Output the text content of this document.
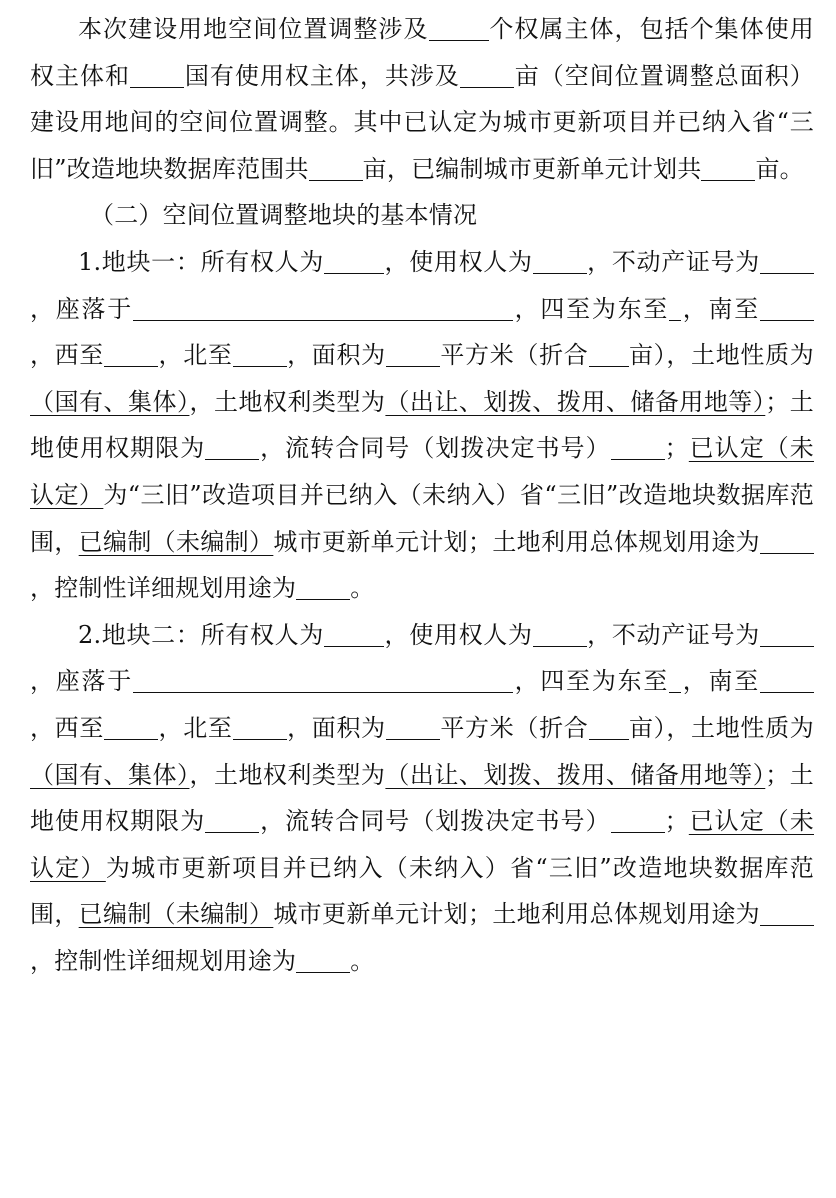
本次建设用地空间位置调整涉及	个权属主体，包括个集体使用权主体和 国有使用权主体，共涉及 亩（空间位置调整总面积）建设用地间的空间位置调整。其中已认定为城市更新项目并已纳入省“三旧”改造地块数据库范围共 亩，已编制城市更新单元计划共 亩。

（二）空间位置调整地块的基本情况

1.地块一：所有权人为	，使用权人为 ，不动产证号为，座落于	，四至为东至 ，南至，西至 ，北至 ，面积为 平方米（折合 亩），土地性质为（国有、集体），土地权利类型为（出让、划拨、拨用、储备用地等）；土地使用权期限为 ，流转合同号（划拨决定书号） ；已认定（未认定）为“三旧”改造项目并已纳入（未纳入）省“三旧”改造地块数据库范围，已编制（未编制）城市更新单元计划；土地利用总体规划用途为，控制性详细规划用途为 。

2.地块二：所有权人为	，使用权人为 ，不动产证号为，座落于	，四至为东至 ，南至，西至 ，北至 ，面积为 平方米（折合 亩），土地性质为（国有、集体），土地权利类型为（出让、划拨、拨用、储备用地等）；土地使用权期限为 ，流转合同号（划拨决定书号） ；已认定（未认定）为城市更新项目并已纳入（未纳入）省“三旧”改造地块数据库范围，已编制（未编制）城市更新单元计划；土地利用总体规划用途为，控制性详细规划用途为 。
